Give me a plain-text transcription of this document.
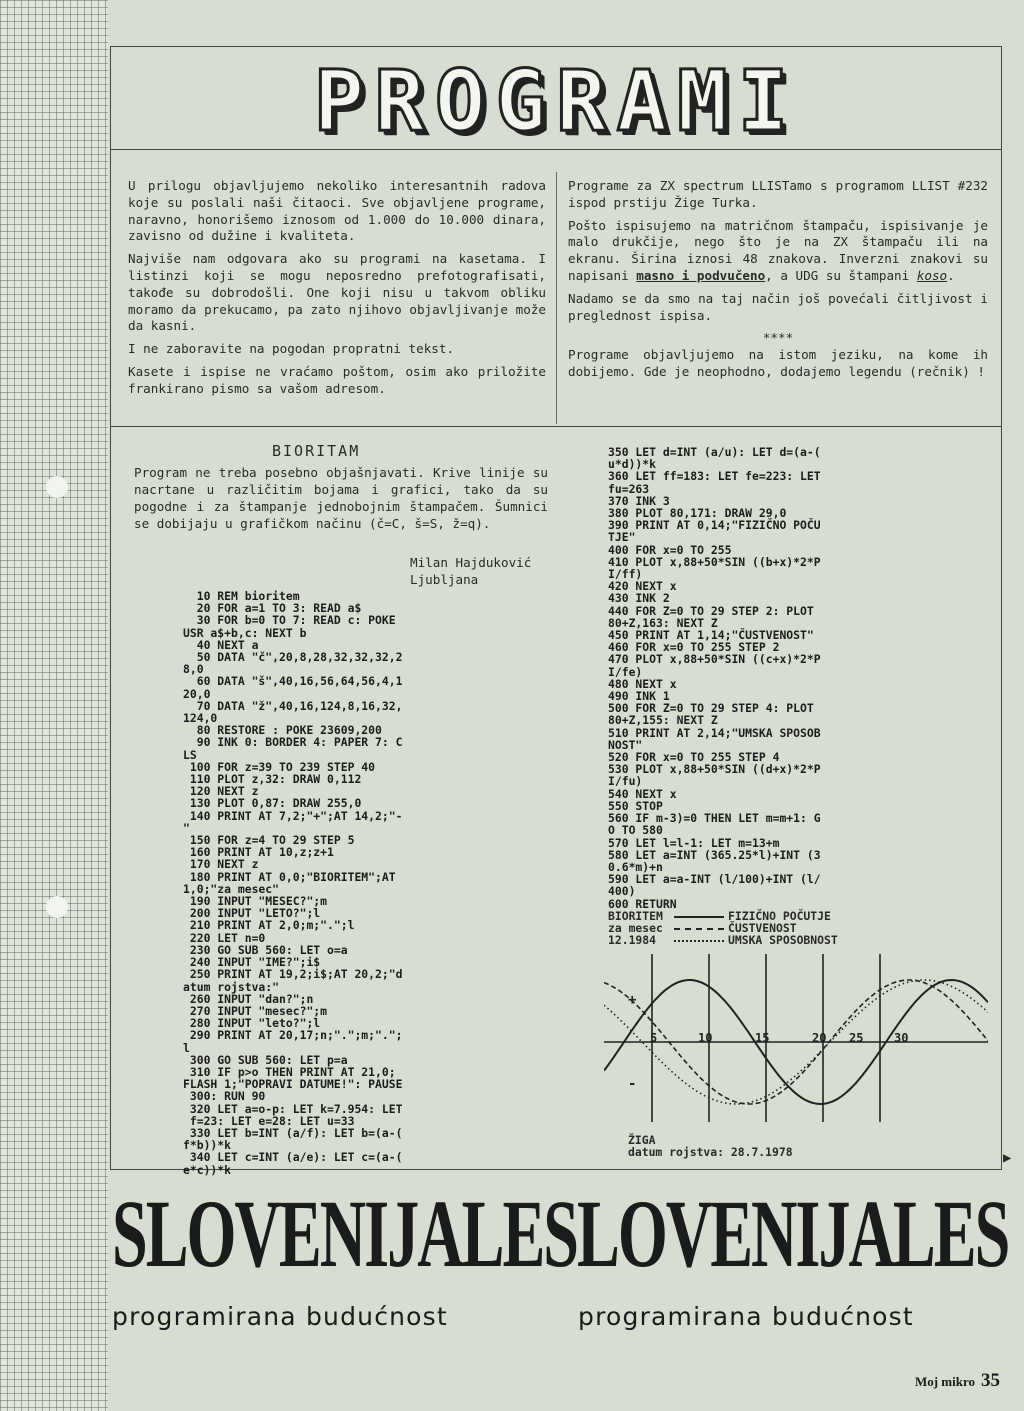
PROGRAMI

U prilogu objavljujemo nekoliko interesantnih radova koje su poslali naši čitaoci. Sve objavljene programe, naravno, honorišemo iznosom od 1.000 do 10.000 dinara, zavisno od dužine i kvaliteta.

Najviše nam odgovara ako su programi na kasetama. I listinzi koji se mogu neposredno prefotografisati, takođe su dobrodošli. One koji nisu u takvom obliku moramo da prekucamo, pa zato njihovo objavljivanje može da kasni.

I ne zaboravite na pogodan propratni tekst.

Kasete i ispise ne vraćamo poštom, osim ako priložite frankirano pismo sa vašom adresom.

Programe za ZX spectrum LLISTamo s programom LLIST #232 ispod prstiju Žige Turka.

Pošto ispisujemo na matričnom štampaču, ispisivanje je malo drukčije, nego što je na ZX štampaču ili na ekranu. Širina iznosi 48 znakova. Inverzni znakovi su napisani masno i podvučeno, a UDG su štampani koso.

Nadamo se da smo na taj način još povećali čitljivost i preglednost ispisa.

****

Programe objavljujemo na istom jeziku, na kome ih dobijemo. Gde je neophodno, dodajemo legendu (rečnik) !

BIORITAM

Program ne treba posebno objašnjavati. Krive linije su nacrtane u različitim bojama i grafici, tako da su pogodne i za štampanje jednobojnim štampačem. Šumnici se dobijaju u grafičkom načinu (č=C, š=S, ž=q).

Milan Hajduković
Ljubljana
10 REM bioritem
20 FOR a=1 TO 3: READ a$
30 FOR b=0 TO 7: READ c: POKE
USR a$+b,c: NEXT b
40 NEXT a
50 DATA "č",20,8,28,32,32,32,2
8,0
60 DATA "š",40,16,56,64,56,4,1
20,0
70 DATA "ž",40,16,124,8,16,32,
124,0
80 RESTORE : POKE 23609,200
90 INK 0: BORDER 4: PAPER 7: C
LS
100 FOR z=39 TO 239 STEP 40
110 PLOT z,32: DRAW 0,112
120 NEXT z
130 PLOT 0,87: DRAW 255,0
140 PRINT AT 7,2;"+";AT 14,2;"-
"
150 FOR z=4 TO 29 STEP 5
160 PRINT AT 10,z;z+1
170 NEXT z
180 PRINT AT 0,0;"BIORITEM";AT
1,0;"za mesec"
190 INPUT "MESEC?";m
200 INPUT "LETO?";l
210 PRINT AT 2,0;m;".";l
220 LET n=0
230 GO SUB 560: LET o=a
240 INPUT "IME?";i$
250 PRINT AT 19,2;i$;AT 20,2;"d
atum rojstva:"
260 INPUT "dan?";n
270 INPUT "mesec?";m
280 INPUT "leto?";l
290 PRINT AT 20,17;n;".";m;".";
l
300 GO SUB 560: LET p=a
310 IF p>o THEN PRINT AT 21,0;
FLASH 1;"POPRAVI DATUME!": PAUSE
300: RUN 90
320 LET a=o-p: LET k=7.954: LET
f=23: LET e=28: LET u=33
330 LET b=INT (a/f): LET b=(a-(
f*b))*k
340 LET c=INT (a/e): LET c=(a-(
e*c))*k
350 LET d=INT (a/u): LET d=(a-(
u*d))*k
360 LET ff=183: LET fe=223: LET
fu=263
370 INK 3
380 PLOT 80,171: DRAW 29,0
390 PRINT AT 0,14;"FIZIČNO POČU
TJE"
400 FOR x=0 TO 255
410 PLOT x,88+50*SIN ((b+x)*2*P
I/ff)
420 NEXT x
430 INK 2
440 FOR Z=0 TO 29 STEP 2: PLOT
80+Z,163: NEXT Z
450 PRINT AT 1,14;"ČUSTVENOST"
460 FOR x=0 TO 255 STEP 2
470 PLOT x,88+50*SIN ((c+x)*2*P
I/fe)
480 NEXT x
490 INK 1
500 FOR Z=0 TO 29 STEP 4: PLOT
80+Z,155: NEXT Z
510 PRINT AT 2,14;"UMSKA SPOSOB
NOST"
520 FOR x=0 TO 255 STEP 4
530 PLOT x,88+50*SIN ((d+x)*2*P
I/fu)
540 NEXT x
550 STOP
560 IF m-3)=0 THEN LET m=m+1: G
O TO 580
570 LET l=l-1: LET m=13+m
580 LET a=INT (365.25*l)+INT (3
0.6*m)+n
590 LET a=a-INT (l/100)+INT (l/
400)
600 RETURN
BIORITEM	FIZIČNO POČUTJE
za mesec	ČUSTVENOST
12.1984	UMSKA SPOSOBNOST
+
-
5	10	15	20 25	30
ŽIGA
datum rojstva: 28.7.1978	▶
SLOVENIJALESLOVENIJALES
programirana budućnost	programirana budućnost
Moj mikro 35
